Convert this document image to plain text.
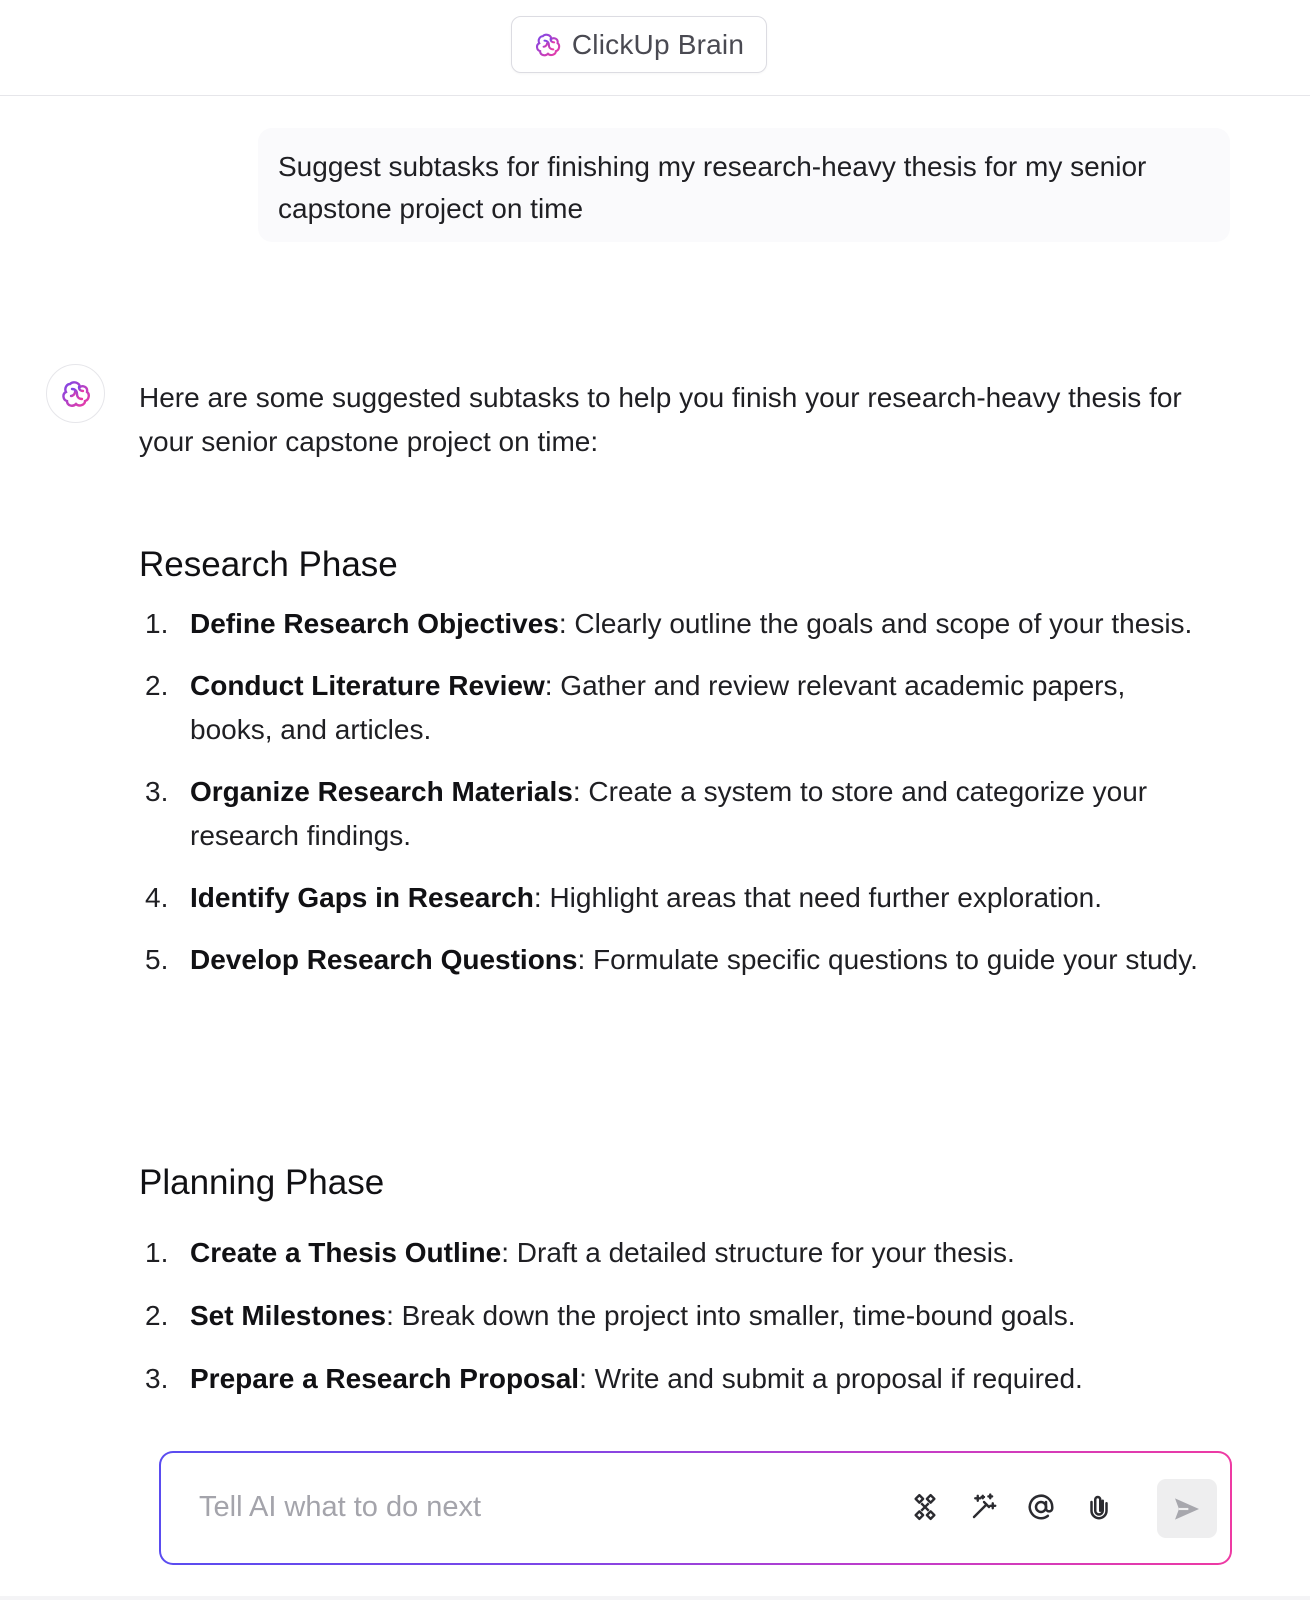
ClickUp Brain
Suggest subtasks for finishing my research-heavy thesis for my senior capstone project on time

Here are some suggested subtasks to help you finish your research-heavy thesis for your senior capstone project on time:

Research Phase
1. Define Research Objectives: Clearly outline the goals and scope of your thesis.
2. Conduct Literature Review: Gather and review relevant academic papers, books, and articles.
3. Organize Research Materials: Create a system to store and categorize your research findings.
4. Identify Gaps in Research: Highlight areas that need further exploration.
5. Develop Research Questions: Formulate specific questions to guide your study.
Planning Phase
1. Create a Thesis Outline: Draft a detailed structure for your thesis.
2. Set Milestones: Break down the project into smaller, time-bound goals.
3. Prepare a Research Proposal: Write and submit a proposal if required.
Tell AI what to do next
